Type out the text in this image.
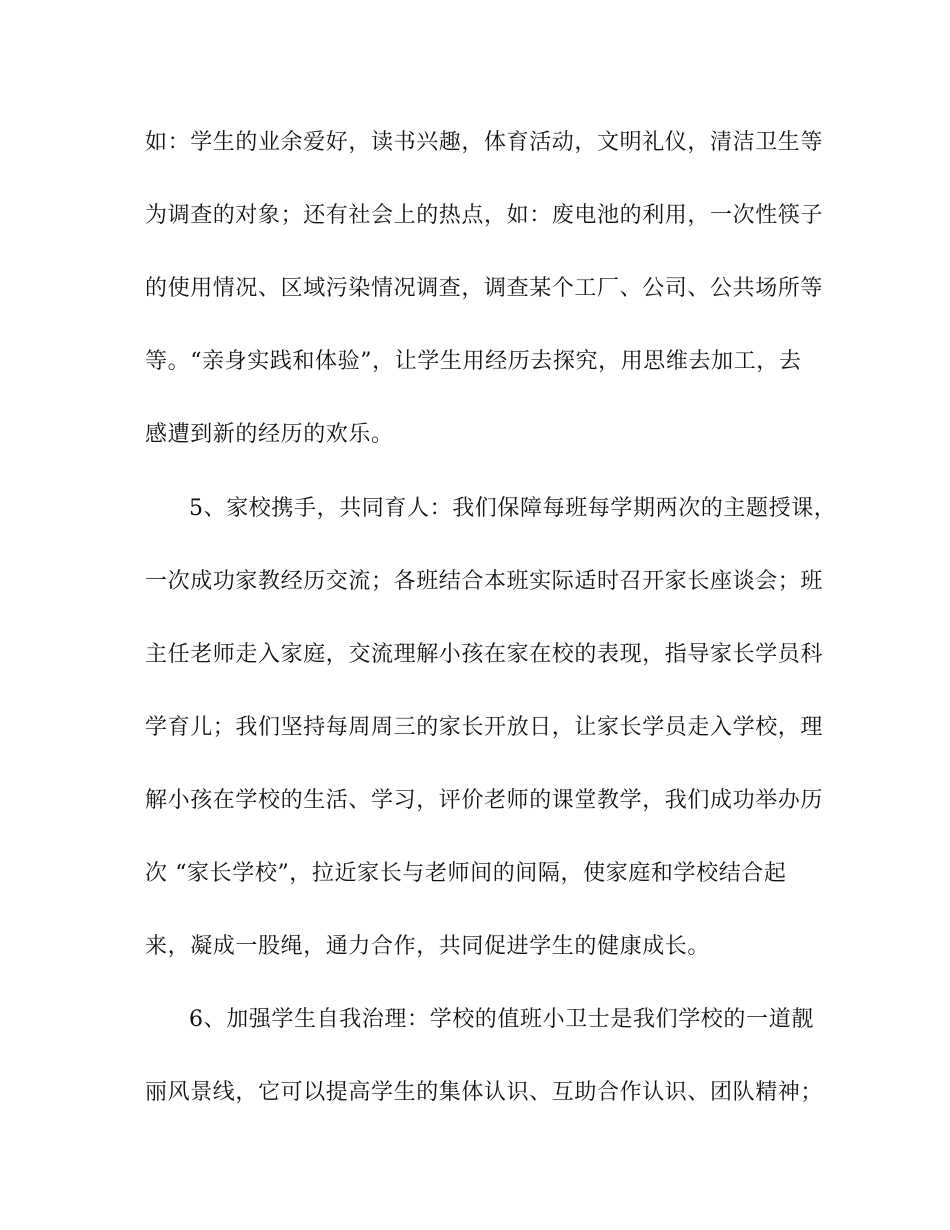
如：学生的业余爱好，读书兴趣，体育活动，文明礼仪，清洁卫生等
为调查的对象；还有社会上的热点，如：废电池的利用，一次性筷子
的使用情况、区域污染情况调查，调查某个工厂、公司、公共场所等
等。“亲身实践和体验”，让学生用经历去探究，用思维去加工，去
感遭到新的经历的欢乐。
5、家校携手，共同育人：我们保障每班每学期两次的主题授课，
一次成功家教经历交流；各班结合本班实际适时召开家长座谈会；班
主任老师走入家庭，交流理解小孩在家在校的表现，指导家长学员科
学育儿；我们坚持每周周三的家长开放日，让家长学员走入学校，理
解小孩在学校的生活、学习，评价老师的课堂教学，我们成功举办历
次 “家长学校”，拉近家长与老师间的间隔，使家庭和学校结合起
来，凝成一股绳，通力合作，共同促进学生的健康成长。
6、加强学生自我治理：学校的值班小卫士是我们学校的一道靓
丽风景线，它可以提高学生的集体认识、互助合作认识、团队精神；
